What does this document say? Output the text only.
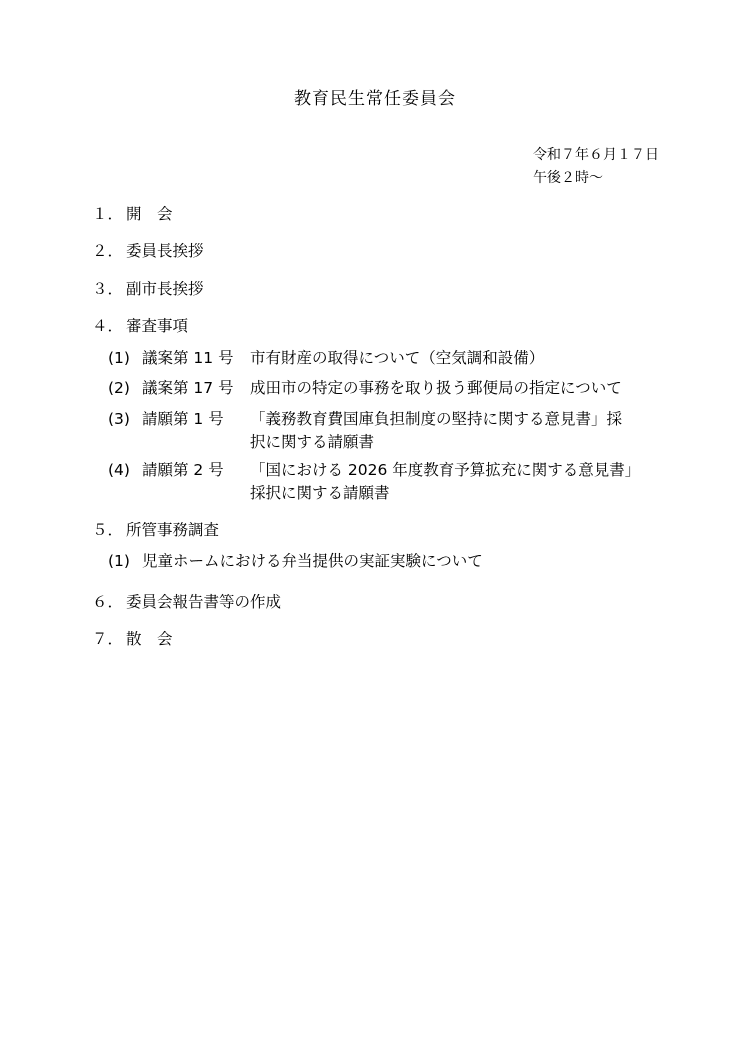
教育民生常任委員会
令和７年６月１７日
午後２時～
１． 開　会
２． 委員長挨拶
３． 副市長挨拶
４． 審査事項
(1) 議案第 11 号 市有財産の取得について（空気調和設備）
(2) 議案第 17 号 成田市の特定の事務を取り扱う郵便局の指定について
(3) 請願第 1 号 「義務教育費国庫負担制度の堅持に関する意見書」採
択に関する請願書
(4) 請願第 2 号 「国における 2026 年度教育予算拡充に関する意見書」
採択に関する請願書
５． 所管事務調査
(1) 児童ホームにおける弁当提供の実証実験について
６． 委員会報告書等の作成
７． 散　会
